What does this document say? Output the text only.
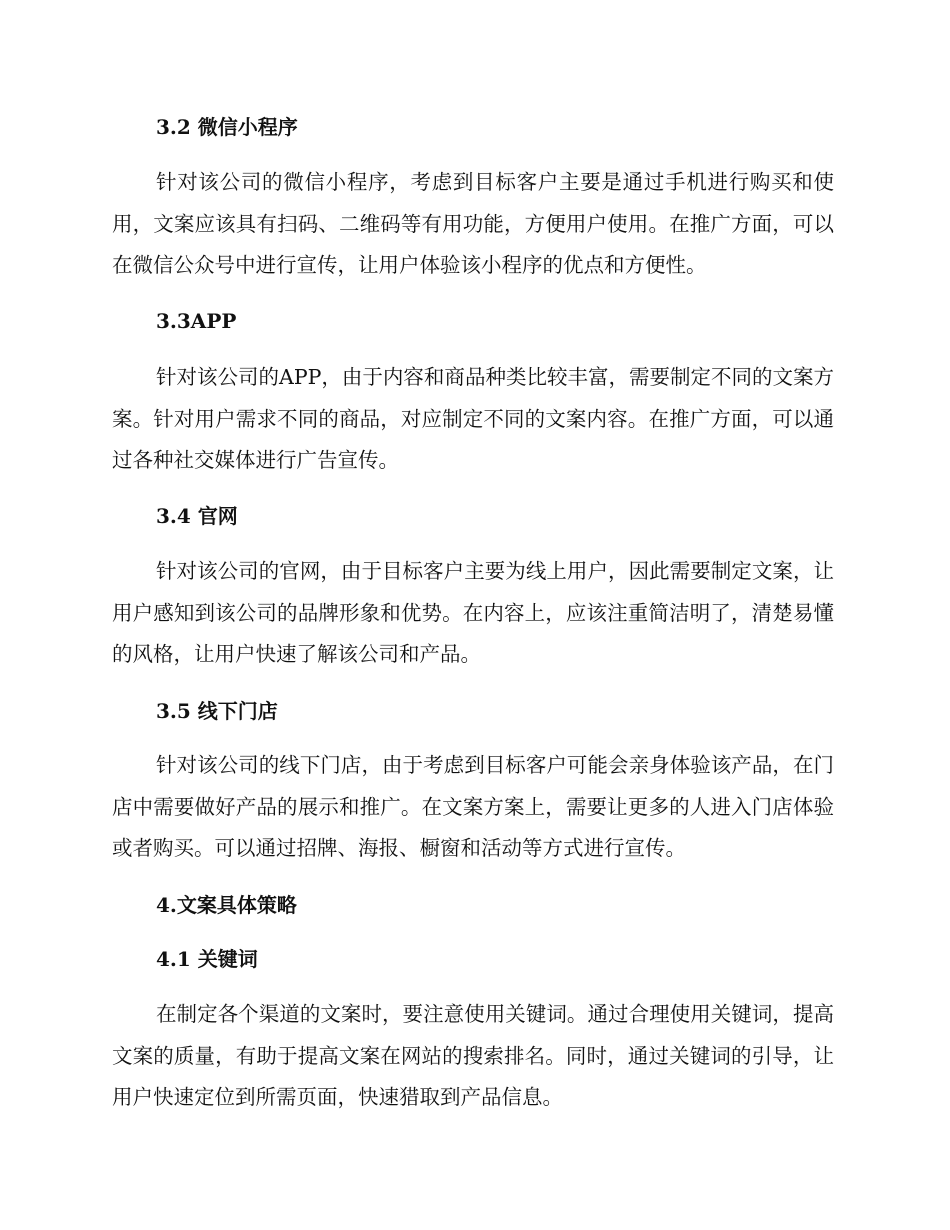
3.2 微信小程序

针对该公司的微信小程序，考虑到目标客户主要是通过手机进行购买和使用，文案应该具有扫码、二维码等有用功能，方便用户使用。在推广方面，可以在微信公众号中进行宣传，让用户体验该小程序的优点和方便性。

3.3APP

针对该公司的APP，由于内容和商品种类比较丰富，需要制定不同的文案方案。针对用户需求不同的商品，对应制定不同的文案内容。在推广方面，可以通过各种社交媒体进行广告宣传。

3.4 官网

针对该公司的官网，由于目标客户主要为线上用户，因此需要制定文案，让用户感知到该公司的品牌形象和优势。在内容上，应该注重简洁明了，清楚易懂的风格，让用户快速了解该公司和产品。

3.5 线下门店

针对该公司的线下门店，由于考虑到目标客户可能会亲身体验该产品，在门店中需要做好产品的展示和推广。在文案方案上，需要让更多的人进入门店体验或者购买。可以通过招牌、海报、橱窗和活动等方式进行宣传。

4.文案具体策略
4.1 关键词

在制定各个渠道的文案时，要注意使用关键词。通过合理使用关键词，提高文案的质量，有助于提高文案在网站的搜索排名。同时，通过关键词的引导，让用户快速定位到所需页面，快速猎取到产品信息。
